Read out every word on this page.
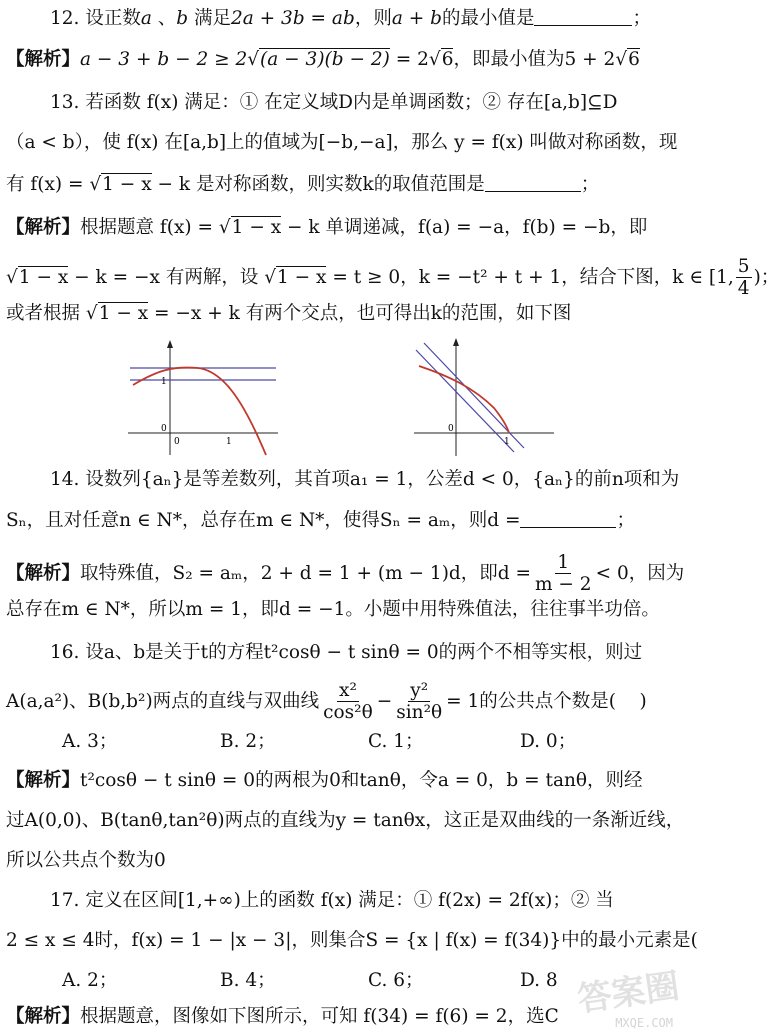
12. 设正数a 、b 满足2a + 3b = ab，则a + b的最小值是	；
【解析】a − 3 + b − 2 ≥ 2√(a − 3)(b − 2) = 2√6，即最小值为5 + 2√6
13. 若函数 f(x) 满足：① 在定义域D内是单调函数；② 存在[a,b]⊆D
（a < b），使 f(x) 在[a,b]上的值域为[−b,−a]，那么 y = f(x) 叫做对称函数，现
有 f(x) = √1 − x − k 是对称函数，则实数k的取值范围是	；
【解析】根据题意 f(x) = √1 − x − k 单调递减，f(a) = −a，f(b) = −b，即
√1 − x − k = −x 有两解，设 √1 − x = t ≥ 0，k = −t² + t + 1，结合下图，k ∈ [1, $\frac{5}{4}$ )；
或者根据 √1 − x = −x + k 有两个交点，也可得出k的范围，如下图
1
0
0	1
0
1
14. 设数列{aₙ}是等差数列，其首项a₁ = 1，公差d < 0，{aₙ}的前n项和为
Sₙ，且对任意n ∈ N*，总存在m ∈ N*，使得Sₙ = aₘ，则d =	；
【解析】取特殊值，S₂ = aₘ，2 + d = 1 + (m − 1)d，即$d = \frac{1}{m - 2} < 0$，因为
总存在m ∈ N*，所以m = 1，即d = −1。小题中用特殊值法，往往事半功倍。
16. 设a、b是关于t的方程t²cosθ − t sinθ = 0的两个不相等实根，则过
A(a,a²)、B(b,b²)两点的直线与双曲线 $\frac{\text{x²}}{\text{cos²θ}} - \frac{\text{y²}}{\text{sin²θ}} = 1$的公共点个数是( )
A. 3；	B. 2；	C. 1；	D. 0；
【解析】t²cosθ − t sinθ = 0的两根为0和tanθ，令a = 0，b = tanθ，则经
过A(0,0)、B(tanθ,tan²θ)两点的直线为y = tanθx，这正是双曲线的一条渐近线，
所以公共点个数为0
17. 定义在区间[1,+∞)上的函数 f(x) 满足：① f(2x) = 2f(x)；② 当
2 ≤ x ≤ 4时，f(x) = 1 − |x − 3|，则集合S = {x | f(x) = f(34)}中的最小元素是(
A. 2；	B. 4；	C. 6；	D. 8
【解析】根据题意，图像如下图所示，可知 f(34) = f(6) = 2，选C 答案圈
MXQE.COM
